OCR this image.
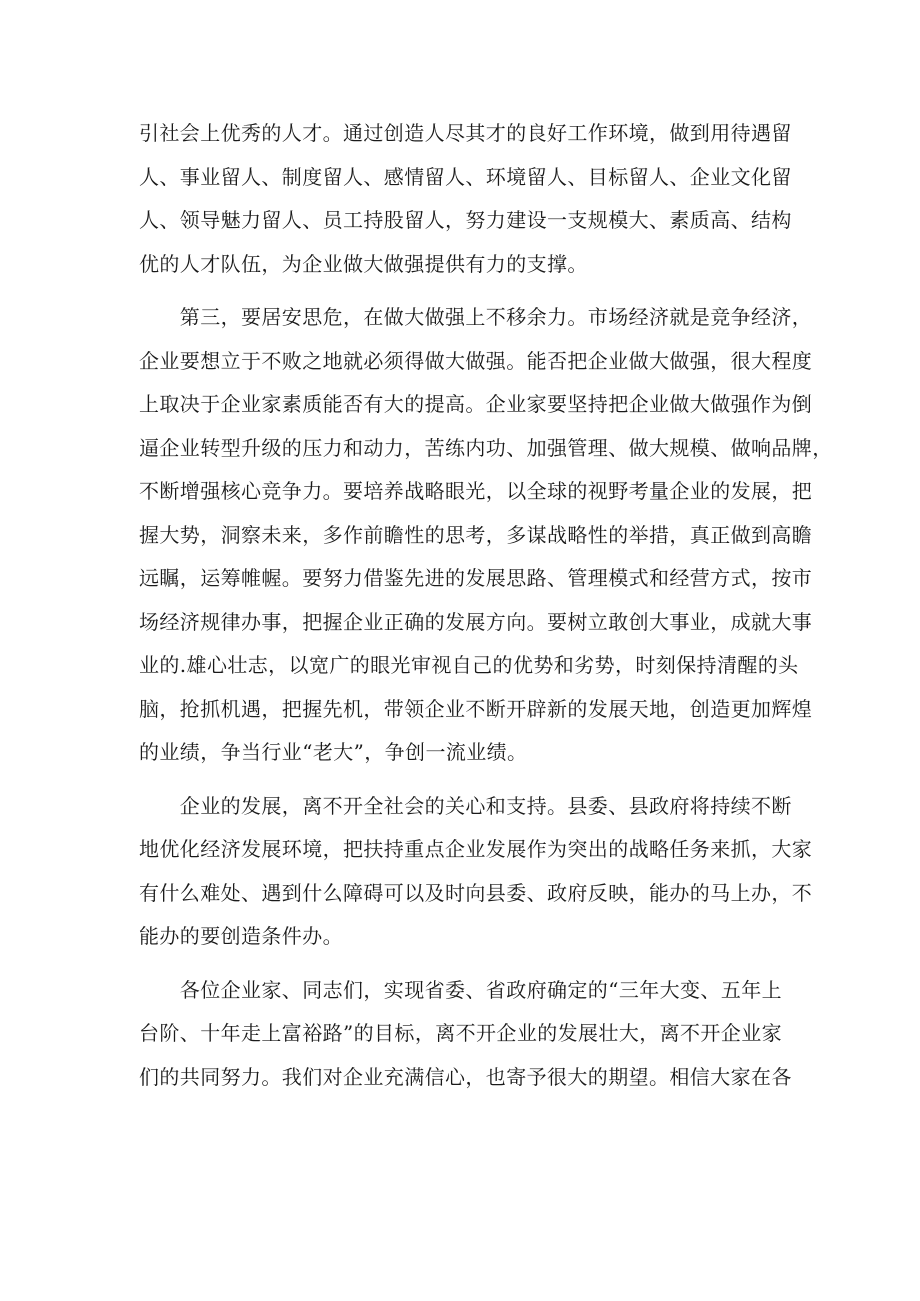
引社会上优秀的人才。通过创造人尽其才的良好工作环境，做到用待遇留
人、事业留人、制度留人、感情留人、环境留人、目标留人、企业文化留
人、领导魅力留人、员工持股留人，努力建设一支规模大、素质高、结构
优的人才队伍，为企业做大做强提供有力的支撑。
　　第三，要居安思危，在做大做强上不移余力。市场经济就是竞争经济，
企业要想立于不败之地就必须得做大做强。能否把企业做大做强，很大程度
上取决于企业家素质能否有大的提高。企业家要坚持把企业做大做强作为倒
逼企业转型升级的压力和动力，苦练内功、加强管理、做大规模、做响品牌，
不断增强核心竞争力。要培养战略眼光，以全球的视野考量企业的发展，把
握大势，洞察未来，多作前瞻性的思考，多谋战略性的举措，真正做到高瞻
远瞩，运筹帷幄。要努力借鉴先进的发展思路、管理模式和经营方式，按市
场经济规律办事，把握企业正确的发展方向。要树立敢创大事业，成就大事
业的.雄心壮志，以宽广的眼光审视自己的优势和劣势，时刻保持清醒的头
脑，抢抓机遇，把握先机，带领企业不断开辟新的发展天地，创造更加辉煌
的业绩，争当行业“老大”，争创一流业绩。
　　企业的发展，离不开全社会的关心和支持。县委、县政府将持续不断
地优化经济发展环境，把扶持重点企业发展作为突出的战略任务来抓，大家
有什么难处、遇到什么障碍可以及时向县委、政府反映，能办的马上办，不
能办的要创造条件办。
　　各位企业家、同志们，实现省委、省政府确定的“三年大变、五年上
台阶、十年走上富裕路”的目标，离不开企业的发展壮大，离不开企业家
们的共同努力。我们对企业充满信心，也寄予很大的期望。相信大家在各
